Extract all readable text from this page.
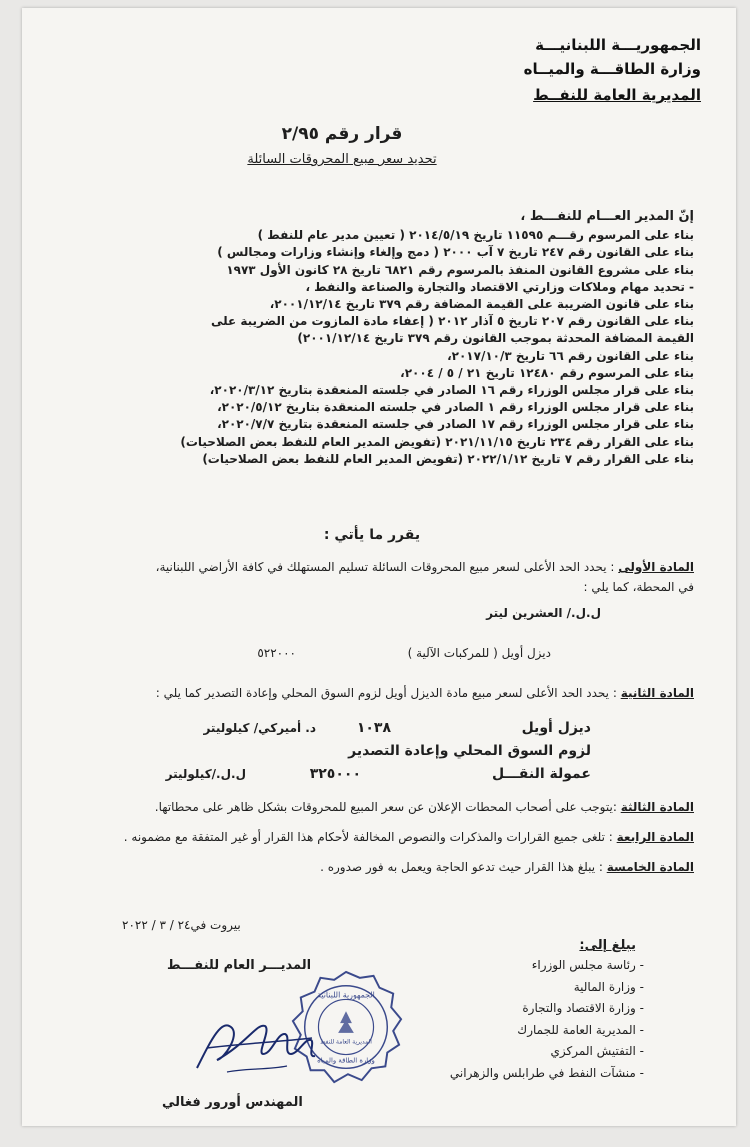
الجمهوريـــة اللبنانيـــة
وزارة الطاقـــة والميــاه
المديرية العامة للنفــط
قرار رقم ٢/٩٥
تحديد سعر مبيع المحروقات السائلة
إنّ المدير العـــام للنفـــط ،
بناء على المرسوم رقـــم ١١٥٩٥ تاريخ ٢٠١٤/٥/١٩ ( تعيين مدير عام للنفط )
بناء على القانون رقم ٢٤٧ تاريخ ٧ آب ٢٠٠٠ ( دمج وإلغاء وإنشاء وزارات ومجالس )
بناء على مشروع القانون المنفذ بالمرسوم رقم ٦٨٢١ تاريخ ٢٨ كانون الأول ١٩٧٣
- تحديد مهام وملاكات وزارتي الاقتصاد والتجارة والصناعة والنفط ،
بناء على قانون الضريبة على القيمة المضافة رقم ٣٧٩ تاريخ ٢٠٠١/١٢/١٤،
بناء على القانون رقم ٢٠٧ تاريخ ٥ آذار ٢٠١٢ ( إعفاء مادة المازوت من الضريبة على
القيمة المضافة المحدثة بموجب القانون رقم ٣٧٩ تاريخ ٢٠٠١/١٢/١٤)
بناء على القانون رقم ٦٦ تاريخ ٢٠١٧/١٠/٣،
بناء على المرسوم رقم ١٢٤٨٠ تاريخ ٢١ / ٥ / ٢٠٠٤،
بناء على قرار مجلس الوزراء رقم ١٦ الصادر في جلسته المنعقدة بتاريخ ٢٠٢٠/٣/١٢،
بناء على قرار مجلس الوزراء رقم ١ الصادر في جلسته المنعقدة بتاريخ ٢٠٢٠/٥/١٢،
بناء على قرار مجلس الوزراء رقم ١٧ الصادر في جلسته المنعقدة بتاريخ ٢٠٢٠/٧/٧،
بناء على القرار رقم ٢٣٤ تاريخ ٢٠٢١/١١/١٥ (تفويض المدير العام للنفط بعض الصلاحيات)
بناء على القرار رقم ٧ تاريخ ٢٠٢٢/١/١٢ (تفويض المدير العام للنفط بعض الصلاحيات)
يقرر ما يأتي :
المادة الأولى : يحدد الحد الأعلى لسعر مبيع المحروقات السائلة تسليم المستهلك في كافة الأراضي اللبنانية،
في المحطة، كما يلي :
ل.ل./ العشرين ليتر
ديزل أويل ( للمركبات الآلية )
٥٢٢٠٠٠
المادة الثانية : يحدد الحد الأعلى لسعر مبيع مادة الديزل أويل لزوم السوق المحلي وإعادة التصدير كما يلي :
ديزل أويل
١٠٣٨
د. أميركي/ كيلوليتر
لزوم السوق المحلي وإعادة التصدير
عمولة النقـــل
٣٢٥٠٠٠
ل.ل./كيلوليتر
المادة الثالثة :يتوجب على أصحاب المحطات الإعلان عن سعر المبيع للمحروقات بشكل ظاهر على محطاتها.
المادة الرابعة : تلغى جميع القرارات والمذكرات والنصوص المخالفة لأحكام هذا القرار أو غير المتفقة مع مضمونه .
المادة الخامسة : يبلغ هذا القرار حيث تدعو الحاجة ويعمل به فور صدوره .
بيروت في٢٤ / ٣ / ٢٠٢٢
المديـــر العام للنفـــط
المهندس أورور فغالي
الجمهورية اللبنانية
المديرية العامة للنفط
وزارة الطاقة والمياه
يبلغ إلى:
- رئاسة مجلس الوزراء
- وزارة المالية
- وزارة الاقتصاد والتجارة
- المديرية العامة للجمارك
- التفتيش المركزي
- منشآت النفط في طرابلس والزهراني
